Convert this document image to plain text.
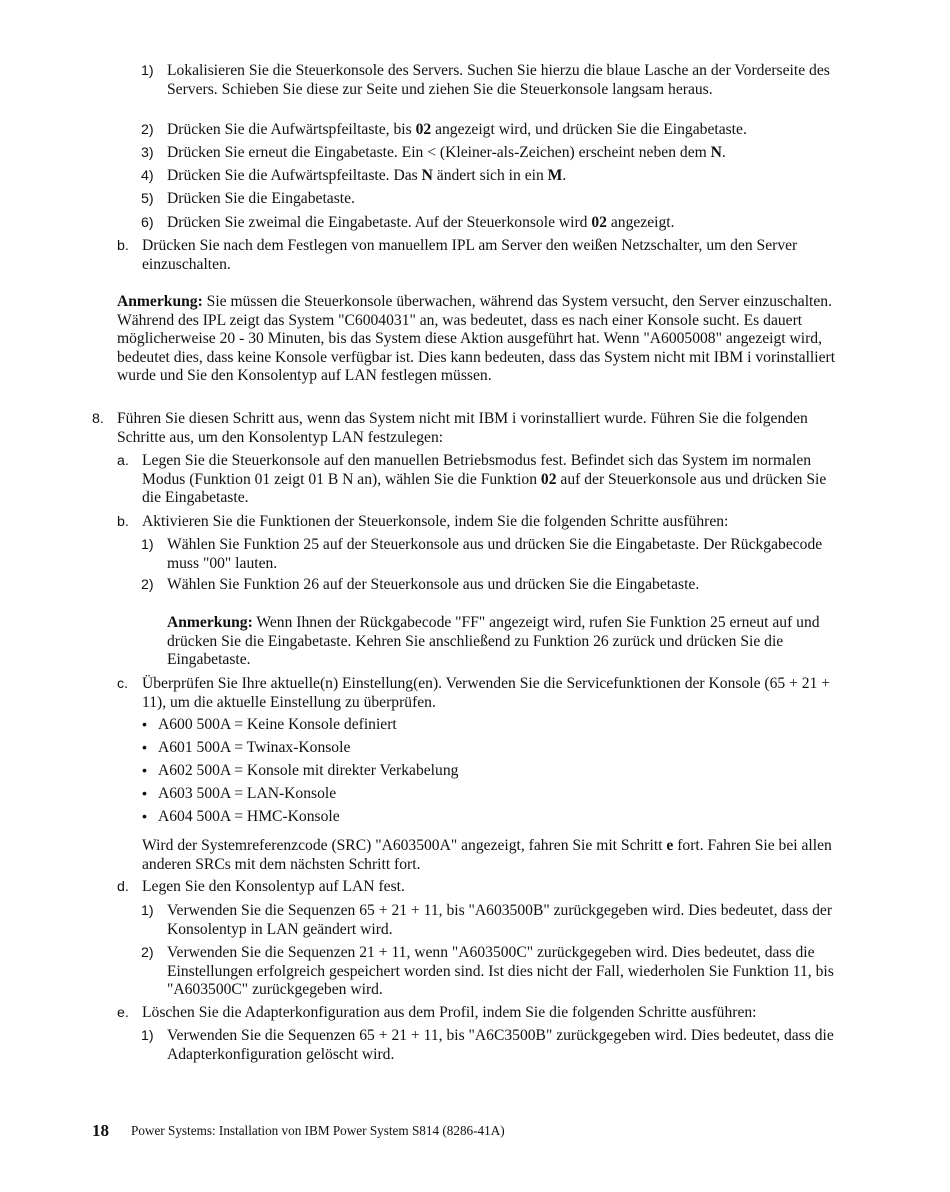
1) Lokalisieren Sie die Steuerkonsole des Servers. Suchen Sie hierzu die blaue Lasche an der Vorderseite des Servers. Schieben Sie diese zur Seite und ziehen Sie die Steuerkonsole langsam heraus.
2) Drücken Sie die Aufwärtspfeiltaste, bis 02 angezeigt wird, und drücken Sie die Eingabetaste.
3) Drücken Sie erneut die Eingabetaste. Ein < (Kleiner-als-Zeichen) erscheint neben dem N.
4) Drücken Sie die Aufwärtspfeiltaste. Das N ändert sich in ein M.
5) Drücken Sie die Eingabetaste.
6) Drücken Sie zweimal die Eingabetaste. Auf der Steuerkonsole wird 02 angezeigt.
b. Drücken Sie nach dem Festlegen von manuellem IPL am Server den weißen Netzschalter, um den Server einzuschalten.
Anmerkung: Sie müssen die Steuerkonsole überwachen, während das System versucht, den Server einzuschalten. Während des IPL zeigt das System "C6004031" an, was bedeutet, dass es nach einer Konsole sucht. Es dauert möglicherweise 20 - 30 Minuten, bis das System diese Aktion ausgeführt hat. Wenn "A6005008" angezeigt wird, bedeutet dies, dass keine Konsole verfügbar ist. Dies kann bedeuten, dass das System nicht mit IBM i vorinstalliert wurde und Sie den Konsolentyp auf LAN festlegen müssen.
8. Führen Sie diesen Schritt aus, wenn das System nicht mit IBM i vorinstalliert wurde. Führen Sie die folgenden Schritte aus, um den Konsolentyp LAN festzulegen:
a. Legen Sie die Steuerkonsole auf den manuellen Betriebsmodus fest. Befindet sich das System im normalen Modus (Funktion 01 zeigt 01 B N an), wählen Sie die Funktion 02 auf der Steuerkonsole aus und drücken Sie die Eingabetaste.
b. Aktivieren Sie die Funktionen der Steuerkonsole, indem Sie die folgenden Schritte ausführen:
1) Wählen Sie Funktion 25 auf der Steuerkonsole aus und drücken Sie die Eingabetaste. Der Rückgabecode muss "00" lauten.
2) Wählen Sie Funktion 26 auf der Steuerkonsole aus und drücken Sie die Eingabetaste.
Anmerkung: Wenn Ihnen der Rückgabecode "FF" angezeigt wird, rufen Sie Funktion 25 erneut auf und drücken Sie die Eingabetaste. Kehren Sie anschließend zu Funktion 26 zurück und drücken Sie die Eingabetaste.
c. Überprüfen Sie Ihre aktuelle(n) Einstellung(en). Verwenden Sie die Servicefunktionen der Konsole (65 + 21 + 11), um die aktuelle Einstellung zu überprüfen.
• A600 500A = Keine Konsole definiert
• A601 500A = Twinax-Konsole
• A602 500A = Konsole mit direkter Verkabelung
• A603 500A = LAN-Konsole
• A604 500A = HMC-Konsole
Wird der Systemreferenzcode (SRC) "A603500A" angezeigt, fahren Sie mit Schritt e fort. Fahren Sie bei allen anderen SRCs mit dem nächsten Schritt fort.
d. Legen Sie den Konsolentyp auf LAN fest.
1) Verwenden Sie die Sequenzen 65 + 21 + 11, bis "A603500B" zurückgegeben wird. Dies bedeutet, dass der Konsolentyp in LAN geändert wird.
2) Verwenden Sie die Sequenzen 21 + 11, wenn "A603500C" zurückgegeben wird. Dies bedeutet, dass die Einstellungen erfolgreich gespeichert worden sind. Ist dies nicht der Fall, wiederholen Sie Funktion 11, bis "A603500C" zurückgegeben wird.
e. Löschen Sie die Adapterkonfiguration aus dem Profil, indem Sie die folgenden Schritte ausführen:
1) Verwenden Sie die Sequenzen 65 + 21 + 11, bis "A6C3500B" zurückgegeben wird. Dies bedeutet, dass die Adapterkonfiguration gelöscht wird.
18 Power Systems: Installation von IBM Power System S814 (8286-41A)
